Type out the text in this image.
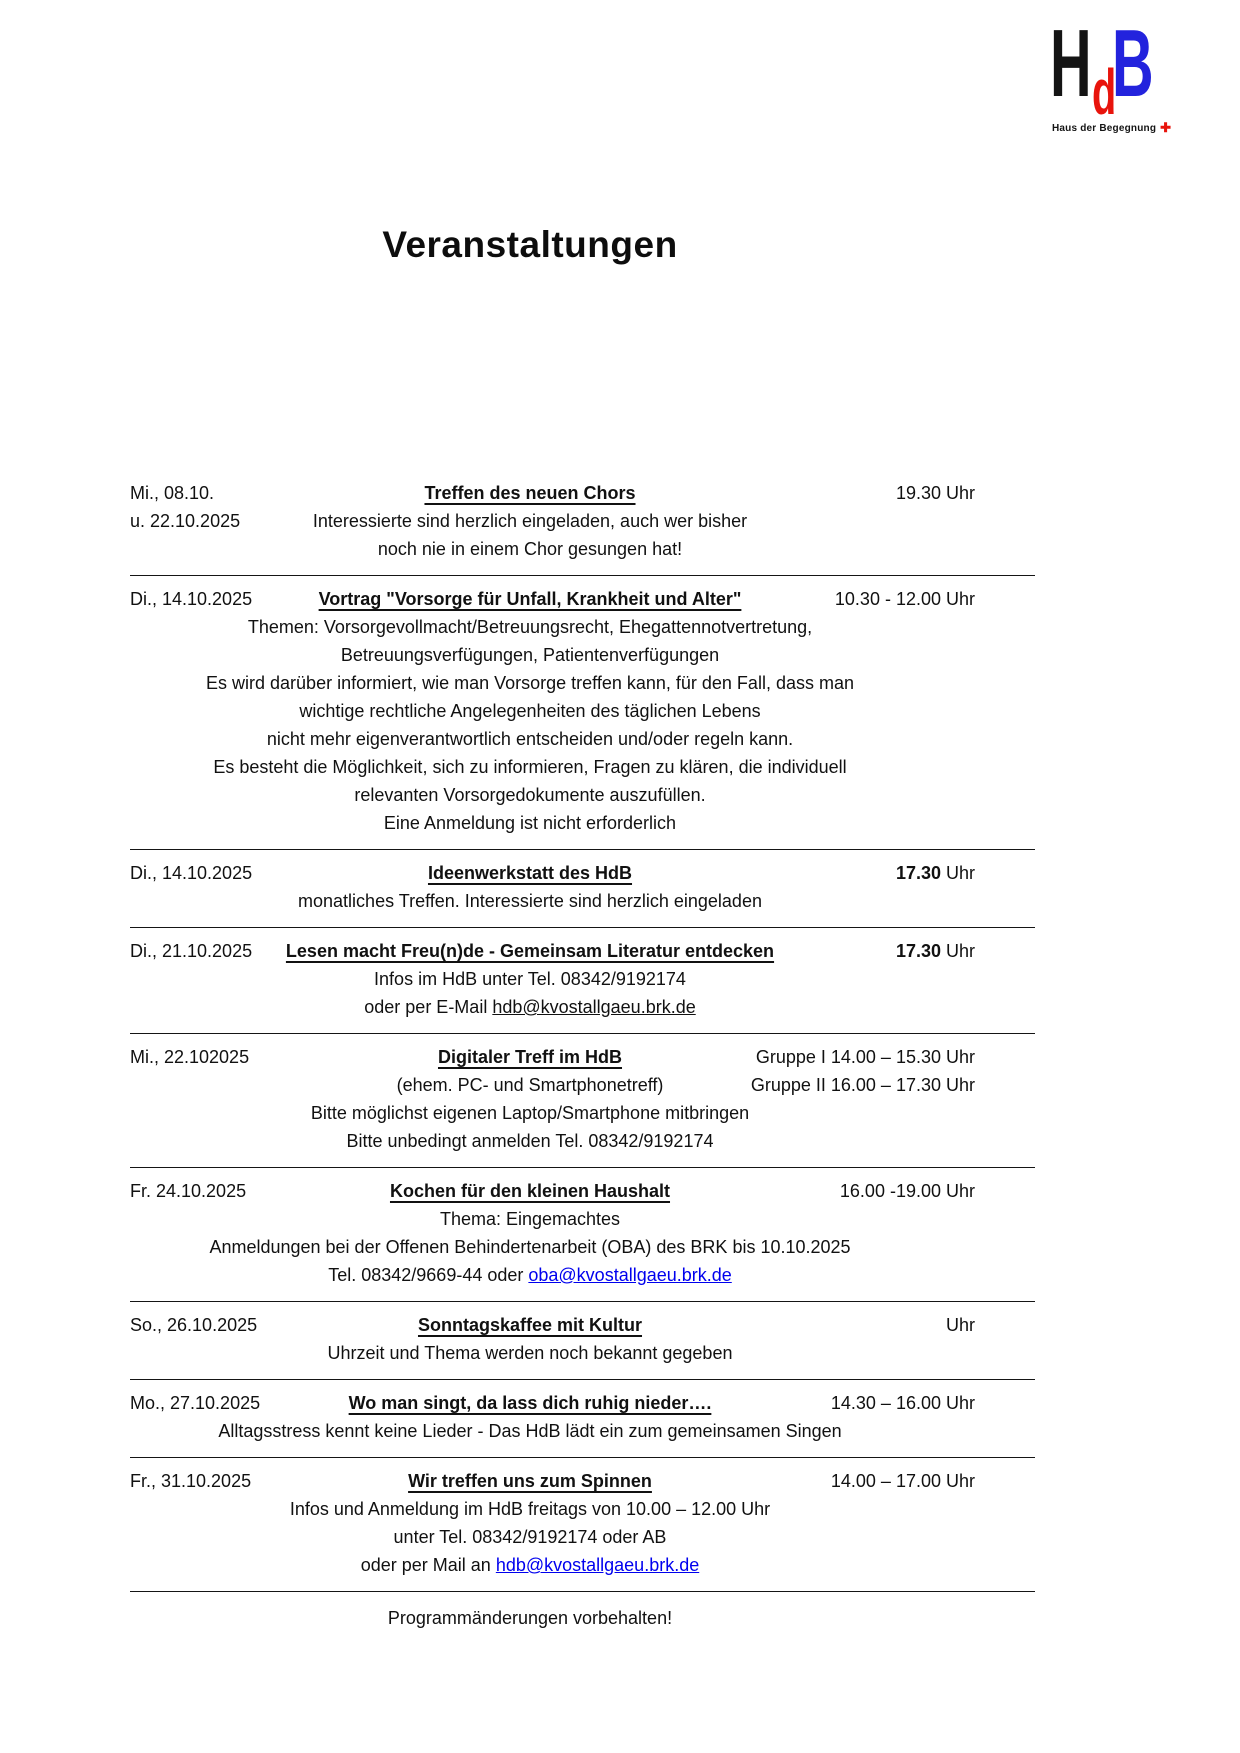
H d
B
Haus der Begegnung ✚
Veranstaltungen
Mi., 08.10.	Treffen des neuen Chors	19.30 Uhr
u. 22.10.2025	Interessierte sind herzlich eingeladen, auch wer bisher
noch nie in einem Chor gesungen hat!
Di., 14.10.2025	Vortrag "Vorsorge für Unfall, Krankheit und Alter"	10.30 - 12.00 Uhr
Themen: Vorsorgevollmacht/Betreuungsrecht, Ehegattennotvertretung,
Betreuungsverfügungen, Patientenverfügungen
Es wird darüber informiert, wie man Vorsorge treffen kann, für den Fall, dass man
wichtige rechtliche Angelegenheiten des täglichen Lebens
nicht mehr eigenverantwortlich entscheiden und/oder regeln kann.
Es besteht die Möglichkeit, sich zu informieren, Fragen zu klären, die individuell
relevanten Vorsorgedokumente auszufüllen.
Eine Anmeldung ist nicht erforderlich
Di., 14.10.2025	Ideenwerkstatt des HdB	17.30 Uhr
monatliches Treffen. Interessierte sind herzlich eingeladen
Di., 21.10.2025	Lesen macht Freu(n)de - Gemeinsam Literatur entdecken	17.30 Uhr
Infos im HdB unter Tel. 08342/9192174
oder per E-Mail hdb@kvostallgaeu.brk.de
Mi., 22.102025	Digitaler Treff im HdB	Gruppe I 14.00 – 15.30 Uhr
(ehem. PC- und Smartphonetreff)	Gruppe II 16.00 – 17.30 Uhr
Bitte möglichst eigenen Laptop/Smartphone mitbringen
Bitte unbedingt anmelden Tel. 08342/9192174
Fr. 24.10.2025	Kochen für den kleinen Haushalt	16.00 -19.00 Uhr
Thema: Eingemachtes
Anmeldungen bei der Offenen Behindertenarbeit (OBA) des BRK bis 10.10.2025
Tel. 08342/9669-44 oder oba@kvostallgaeu.brk.de
So., 26.10.2025	Sonntagskaffee mit Kultur	Uhr
Uhrzeit und Thema werden noch bekannt gegeben
Mo., 27.10.2025	Wo man singt, da lass dich ruhig nieder….	14.30 – 16.00 Uhr
Alltagsstress kennt keine Lieder - Das HdB lädt ein zum gemeinsamen Singen
Fr., 31.10.2025	Wir treffen uns zum Spinnen	14.00 – 17.00 Uhr
Infos und Anmeldung im HdB freitags von 10.00 – 12.00 Uhr
unter Tel. 08342/9192174 oder AB
oder per Mail an hdb@kvostallgaeu.brk.de
Programmänderungen vorbehalten!
